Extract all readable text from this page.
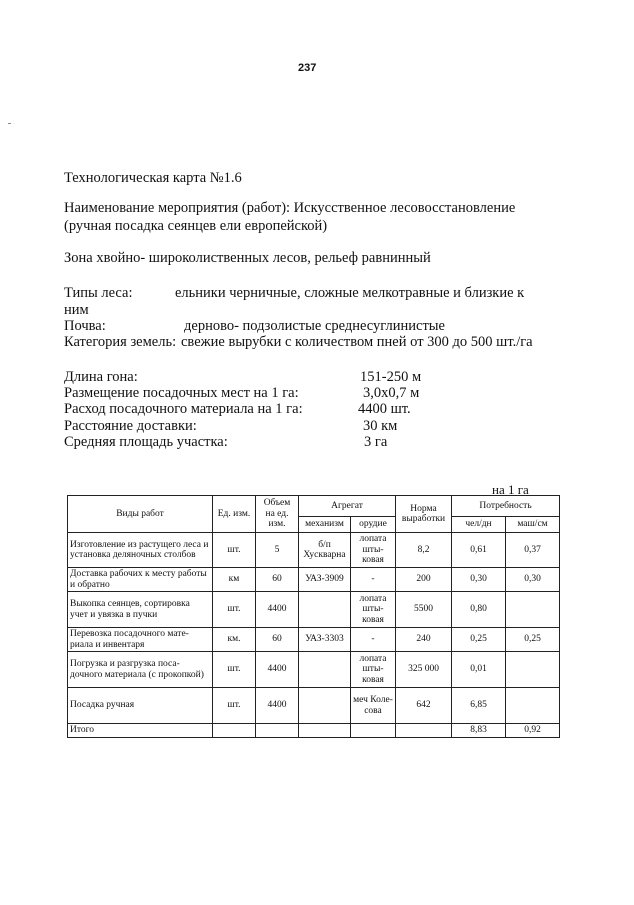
237
Технологическая карта №1.6
Наименование мероприятия (работ): Искусственное лесовосстановление
(ручная посадка сеянцев ели европейской)
Зона хвойно- широколиственных лесов, рельеф равнинный
Типы леса:	ельники черничные, сложные мелкотравные и близкие к
ним
Почва:	дерново- подзолистые среднесуглинистые
Категория земель: свежие вырубки с количеством пней от 300 до 500 шт./га
Длина гона:	151-250 м
Размещение посадочных мест на 1 га:	3,0х0,7 м
Расход посадочного материала на 1 га:	4400 шт.
Расстояние доставки:	30 км
Средняя площадь участка:	3 га
на 1 га
Виды работ	Ед. изм.	Объем на ед. изм.	Агрегат		Норма выработки	Потребность	
			механизм	орудие		чел/дн	маш/см
Изготовление из растущего леса и установка деляночных столбов	шт.	5	б/п Хускварна	лопата шты-ковая	8,2	0,61	0,37
Доставка рабочих к месту работы и обратно	км	60	УАЗ-3909	-	200	0,30	0,30
Выкопка сеянцев, сортировка учет и увязка в пучки	шт.	4400		лопата шты-ковая	5500	0,80	
Перевозка посадочного мате-риала и инвентаря	км.	60	УАЗ-3303	-	240	0,25	0,25
Погрузка и разгрузка поса-дочного материала (с прокопкой)	шт.	4400		лопата шты-ковая	325 000	0,01	
Посадка ручная	шт.	4400		меч Коле-сова	642	6,85	
Итого						8,83	0,92
